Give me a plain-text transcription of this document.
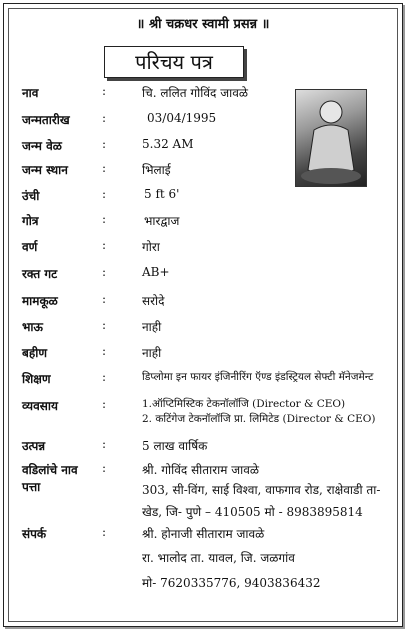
॥ श्री चक्रधर स्वामी प्रसन्न ॥
परिचय पत्र
नाव	:	चि. ललित गोविंद जावळे
जन्मतारीख	:	03/04/1995
जन्म वेळ	:	5.32 AM
जन्म स्थान	:	भिलाई
उंची	:	5 ft 6'
गोत्र	:	भारद्वाज
वर्ण	:	गोरा
रक्त गट	:	AB+
मामकूळ	:	सरोदे
भाऊ	:	नाही
बहीण	:	नाही
शिक्षण	:	डिप्लोमा इन फायर इंजिनीरिंग ऍण्ड इंडस्ट्रियल सेफ्टी मॅनेजमेन्ट
व्यवसाय	:	1.ऑप्टिमिस्टिक टेकनॉलॉजि (Director & CEO)
2. कटिंगेज टेकनॉलॉजि प्रा. लिमिटेड (Director & CEO)
उत्पन्न	:	5 लाख वार्षिक
वडिलांचे नाव
पत्ता
:	श्री. गोविंद सीताराम जावळे
303, सी-विंग, साई विश्वा, वाफगाव रोड, राक्षेवाडी ता-
खेड, जि- पुणे – 410505 मो - 8983895814
संपर्क	:	श्री. होनाजी सीताराम जावळे
रा. भालोद ता. यावल, जि. जळगांव
मो- 7620335776, 9403836432
